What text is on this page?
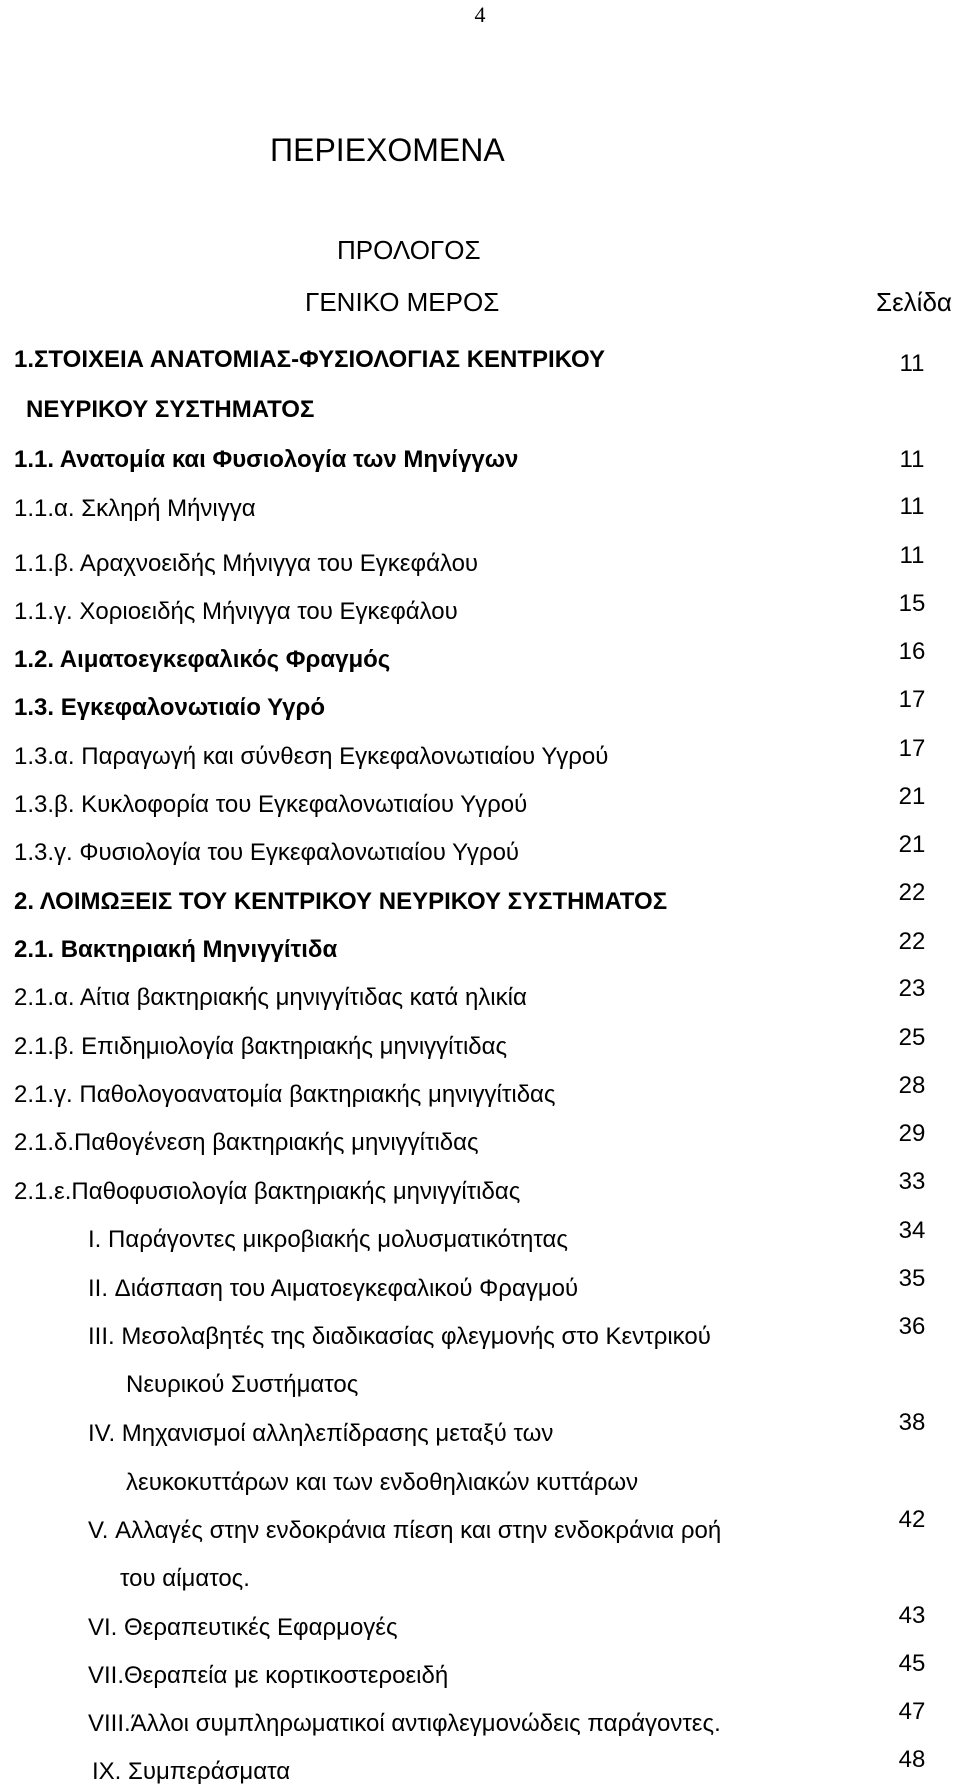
4
ΠΕΡΙΕΧΟΜΕΝΑ
ΠΡΟΛΟΓΟΣ
ΓΕΝΙΚΟ ΜΕΡΟΣ	Σελίδα
1.ΣΤΟΙΧΕΙΑ ΑΝΑΤΟΜΙΑΣ-ΦΥΣΙΟΛΟΓΙΑΣ ΚΕΝΤΡΙΚΟΥ	11
ΝΕΥΡΙΚΟΥ ΣΥΣΤΗΜΑΤΟΣ
1.1. Ανατομία και Φυσιολογία των Μηνίγγων	11
1.1.α. Σκληρή Μήνιγγα	11
1.1.β. Αραχνοειδής Μήνιγγα του Εγκεφάλου	11
1.1.γ. Χοριοειδής Μήνιγγα του Εγκεφάλου	15
1.2. Αιματοεγκεφαλικός Φραγμός	16
1.3. Εγκεφαλονωτιαίο Υγρό	17
1.3.α. Παραγωγή και σύνθεση Εγκεφαλονωτιαίου Υγρού	17
1.3.β. Κυκλοφορία του Εγκεφαλονωτιαίου Υγρού	21
1.3.γ. Φυσιολογία του Εγκεφαλονωτιαίου Υγρού	21
2. ΛΟΙΜΩΞΕΙΣ ΤΟΥ ΚΕΝΤΡΙΚΟΥ ΝΕΥΡΙΚΟΥ ΣΥΣΤΗΜΑΤΟΣ	22
2.1. Βακτηριακή Μηνιγγίτιδα	22
2.1.α. Αίτια βακτηριακής μηνιγγίτιδας κατά ηλικία	23
2.1.β. Επιδημιολογία βακτηριακής μηνιγγίτιδας	25
2.1.γ. Παθολογοανατομία βακτηριακής μηνιγγίτιδας	28
2.1.δ.Παθογένεση βακτηριακής μηνιγγίτιδας	29
2.1.ε.Παθοφυσιολογία βακτηριακής μηνιγγίτιδας	33
I. Παράγοντες μικροβιακής μολυσματικότητας	34
II. Διάσπαση του Αιματοεγκεφαλικού Φραγμού	35
III. Μεσολαβητές της διαδικασίας φλεγμονής στο Κεντρικού	36
Νευρικού Συστήματος
IV. Μηχανισμοί αλληλεπίδρασης μεταξύ των	38
λευκοκυττάρων και των ενδοθηλιακών κυττάρων
V. Αλλαγές στην ενδοκράνια πίεση και στην ενδοκράνια ροή	42
του αίματος.
VI. Θεραπευτικές Εφαρμογές	43
VII.Θεραπεία με κορτικοστεροειδή	45
VIII.Άλλοι συμπληρωματικοί αντιφλεγμονώδεις παράγοντες.	47
IX. Συμπεράσματα	48
